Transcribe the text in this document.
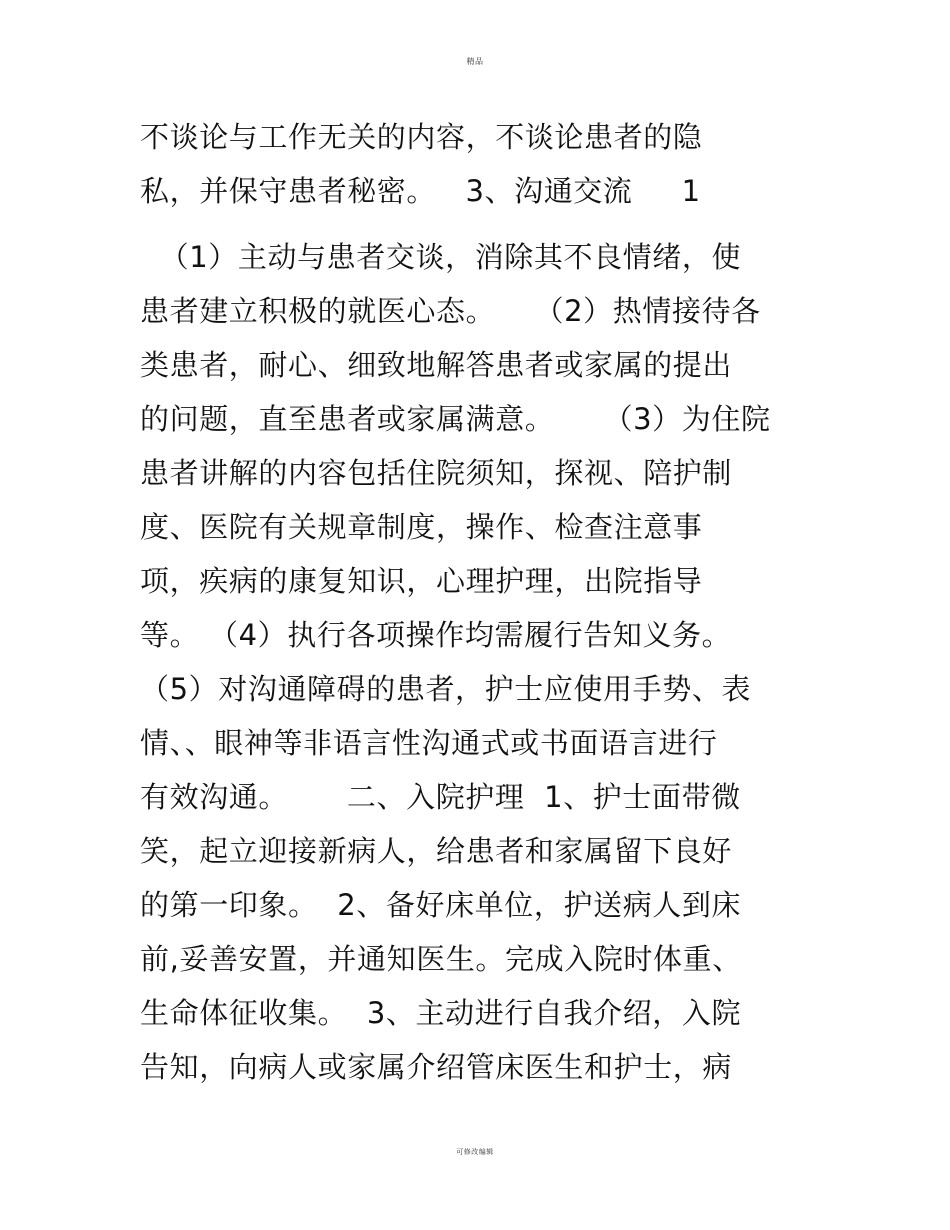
精品
不谈论与工作无关的内容，不谈论患者的隐
私，并保守患者秘密。   3、沟通交流     1
（1）主动与患者交谈，消除其不良情绪，使
患者建立积极的就医心态。    （2）热情接待各
类患者，耐心、细致地解答患者或家属的提出
的问题，直至患者或家属满意。     （3）为住院
患者讲解的内容包括住院须知，探视、陪护制
度、医院有关规章制度，操作、检查注意事
项，疾病的康复知识，心理护理，出院指导
等。 （4）执行各项操作均需履行告知义务。
（5）对沟通障碍的患者，护士应使用手势、表
情、、眼神等非语言性沟通式或书面语言进行
有效沟通。      二、入院护理  1、护士面带微
笑，起立迎接新病人，给患者和家属留下良好
的第一印象。  2、备好床单位，护送病人到床
前,妥善安置，并通知医生。完成入院时体重、
生命体征收集。  3、主动进行自我介绍，入院
告知，向病人或家属介绍管床医生和护士，病
可修改编辑
